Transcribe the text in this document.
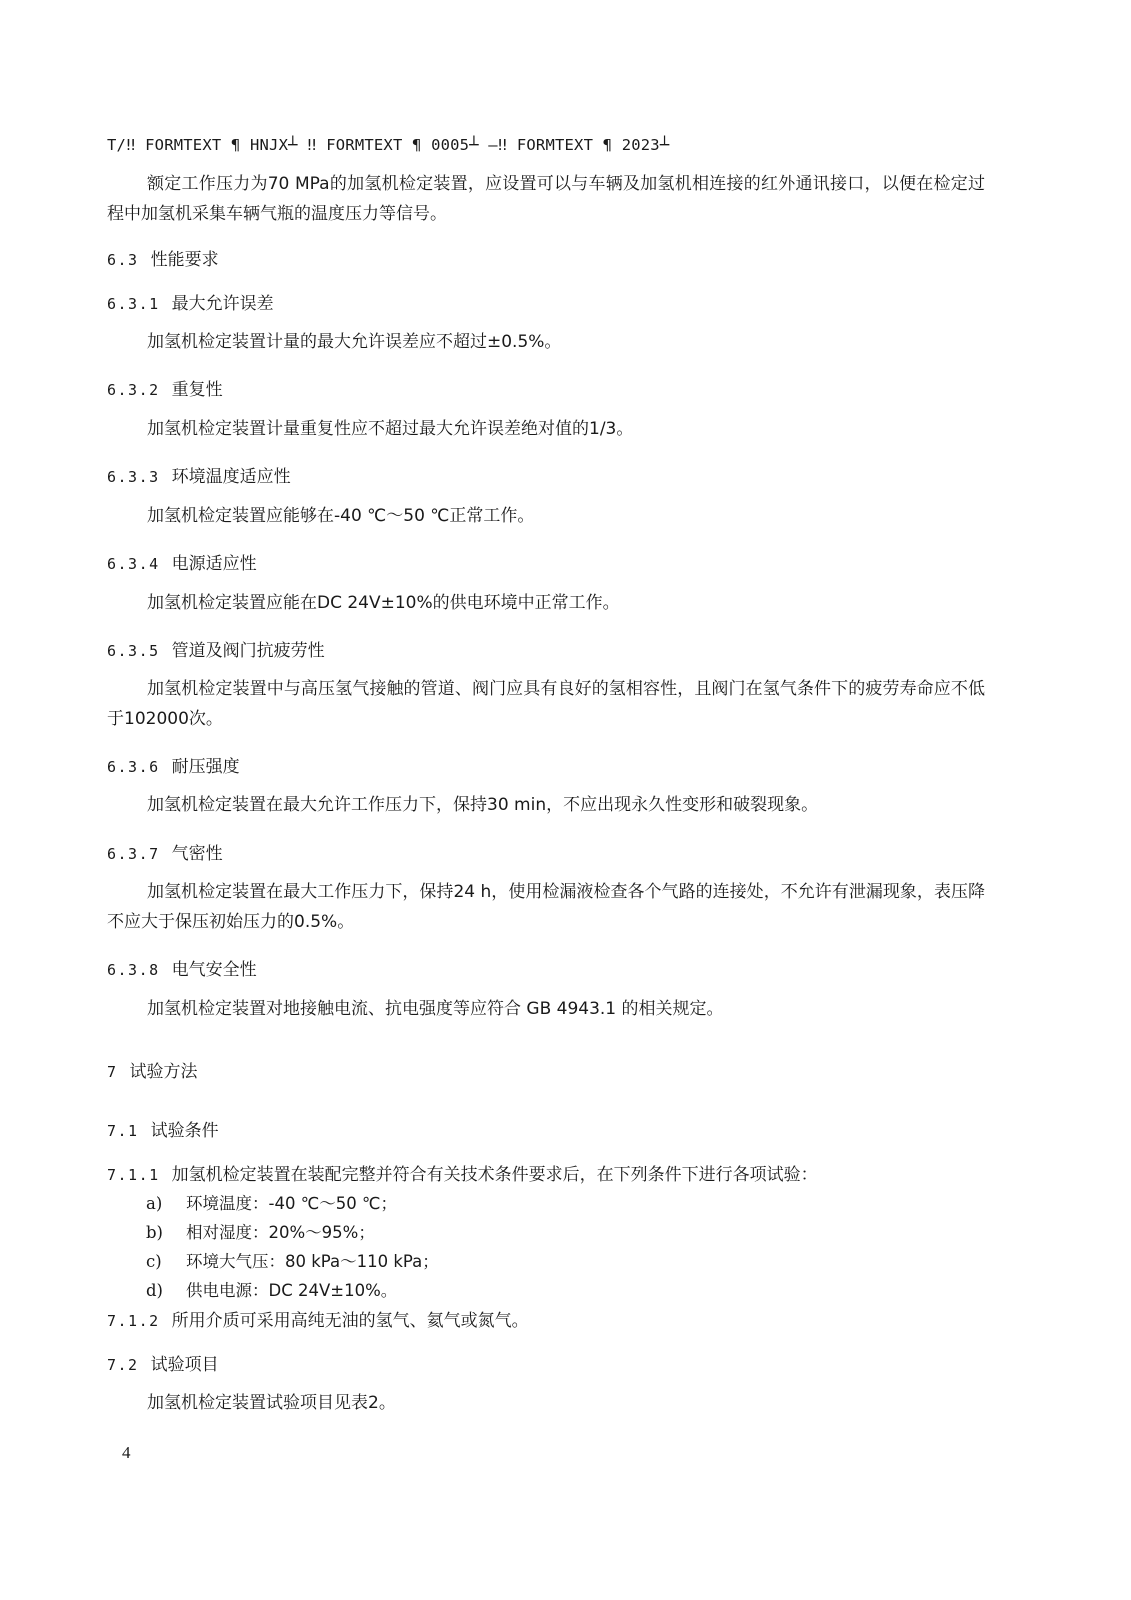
T/‼ FORMTEXT ¶ HNJX┴ ‼ FORMTEXT ¶ 0005┴ —‼ FORMTEXT ¶ 2023┴
额定工作压力为70 MPa的加氢机检定装置，应设置可以与车辆及加氢机相连接的红外通讯接口，以便在检定过程中加氢机采集车辆气瓶的温度压力等信号。
6.3 性能要求
6.3.1 最大允许误差
加氢机检定装置计量的最大允许误差应不超过±0.5%。
6.3.2 重复性
加氢机检定装置计量重复性应不超过最大允许误差绝对值的1/3。
6.3.3 环境温度适应性
加氢机检定装置应能够在-40 ℃～50 ℃正常工作。
6.3.4 电源适应性
加氢机检定装置应能在DC 24V±10%的供电环境中正常工作。
6.3.5 管道及阀门抗疲劳性
加氢机检定装置中与高压氢气接触的管道、阀门应具有良好的氢相容性，且阀门在氢气条件下的疲劳寿命应不低于102000次。
6.3.6 耐压强度
加氢机检定装置在最大允许工作压力下，保持30 min，不应出现永久性变形和破裂现象。
6.3.7 气密性
加氢机检定装置在最大工作压力下，保持24 h，使用检漏液检查各个气路的连接处，不允许有泄漏现象，表压降不应大于保压初始压力的0.5%。
6.3.8 电气安全性
加氢机检定装置对地接触电流、抗电强度等应符合 GB 4943.1 的相关规定。
7 试验方法
7.1 试验条件
7.1.1 加氢机检定装置在装配完整并符合有关技术条件要求后，在下列条件下进行各项试验：
a) 环境温度：-40 ℃～50 ℃；
b) 相对湿度：20%～95%；
c) 环境大气压：80 kPa～110 kPa；
d) 供电电源：DC 24V±10%。
7.1.2 所用介质可采用高纯无油的氢气、氦气或氮气。
7.2 试验项目
加氢机检定装置试验项目见表2。
4
